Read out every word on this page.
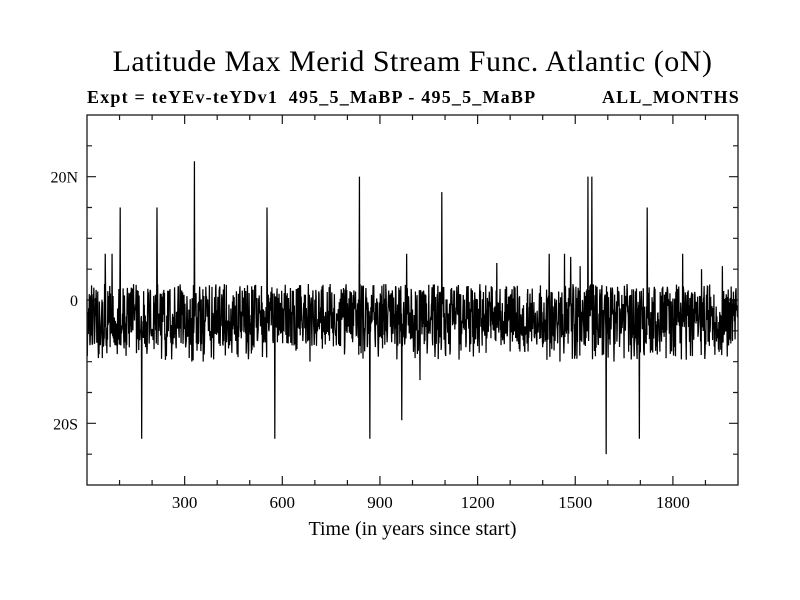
Latitude Max Merid Stream Func. Atlantic (oN)
Expt = teYEv-teYDv1 495_5_MaBP - 495_5_MaBP	ALL_MONTHS
300	600	900	1200	1500	1800
20N
0
20S
Time (in years since start)
